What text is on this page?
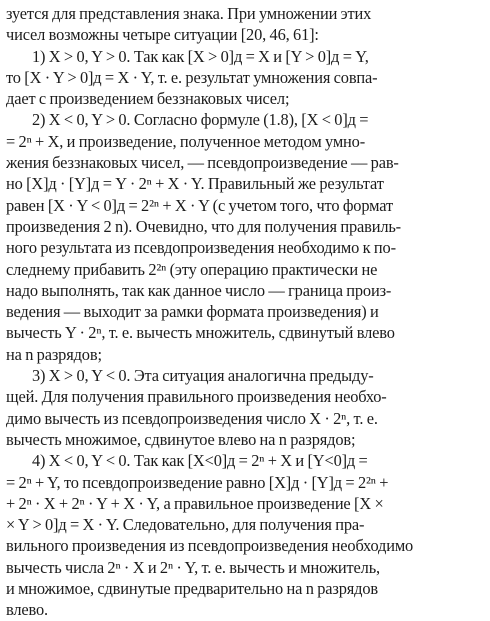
зуется для представления знака. При умножении этих
чисел возможны четыре ситуации [20, 46, 61]:
1) X > 0, Y > 0. Так как [X > 0]д = X и [Y > 0]д = Y,
то [X · Y > 0]д = X · Y, т. е. результат умножения совпа-
дает с произведением беззнаковых чисел;
2) X < 0, Y > 0. Согласно формуле (1.8), [X < 0]д =
= 2ⁿ + X, и произведение, полученное методом умно-
жения беззнаковых чисел, — псевдопроизведение — рав-
но [X]д · [Y]д = Y · 2ⁿ + X · Y. Правильный же результат
равен [X · Y < 0]д = 2²ⁿ + X · Y (с учетом того, что формат
произведения 2 n). Очевидно, что для получения правиль-
ного результата из псевдопроизведения необходимо к по-
следнему прибавить 2²ⁿ (эту операцию практически не
надо выполнять, так как данное число — граница произ-
ведения — выходит за рамки формата произведения) и
вычесть Y · 2ⁿ, т. е. вычесть множитель, сдвинутый влево
на n разрядов;
3) X > 0, Y < 0. Эта ситуация аналогична предыду-
щей. Для получения правильного произведения необхо-
димо вычесть из псевдопроизведения число X · 2ⁿ, т. е.
вычесть множимое, сдвинутое влево на n разрядов;
4) X < 0, Y < 0. Так как [X<0]д = 2ⁿ + X и [Y<0]д =
= 2ⁿ + Y, то псевдопроизведение равно [X]д · [Y]д = 2²ⁿ +
+ 2ⁿ · X + 2ⁿ · Y + X · Y, а правильное произведение [X ×
× Y > 0]д = X · Y. Следовательно, для получения пра-
вильного произведения из псевдопроизведения необходимо
вычесть числа 2ⁿ · X и 2ⁿ · Y, т. е. вычесть и множитель,
и множимое, сдвинутые предварительно на n разрядов
влево.
